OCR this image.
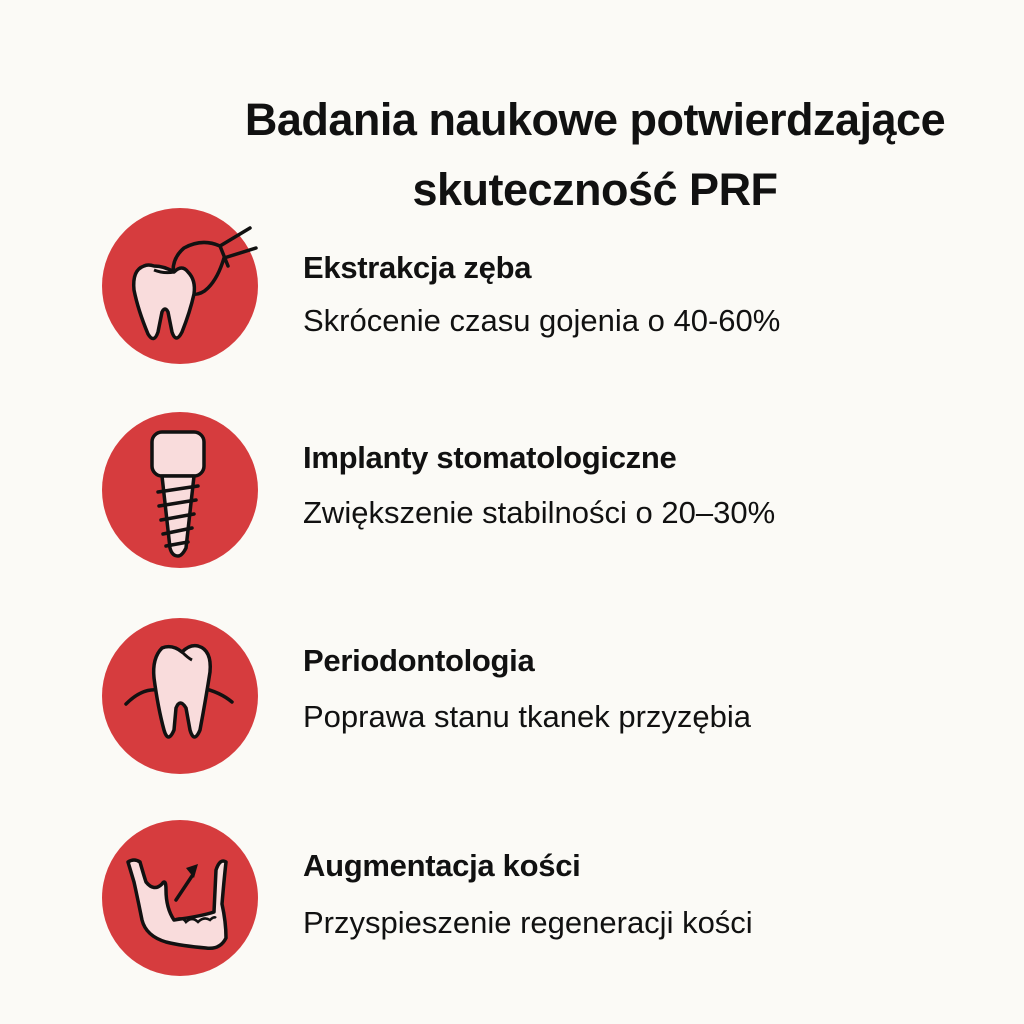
Badania naukowe potwierdzające
skuteczność PRF
Ekstrakcja zęba
Skrócenie czasu gojenia o 40-60%
Implanty stomatologiczne
Zwiększenie stabilności o 20–30%
Periodontologia
Poprawa stanu tkanek przyzębia
Augmentacja kości
Przyspieszenie regeneracji kości
